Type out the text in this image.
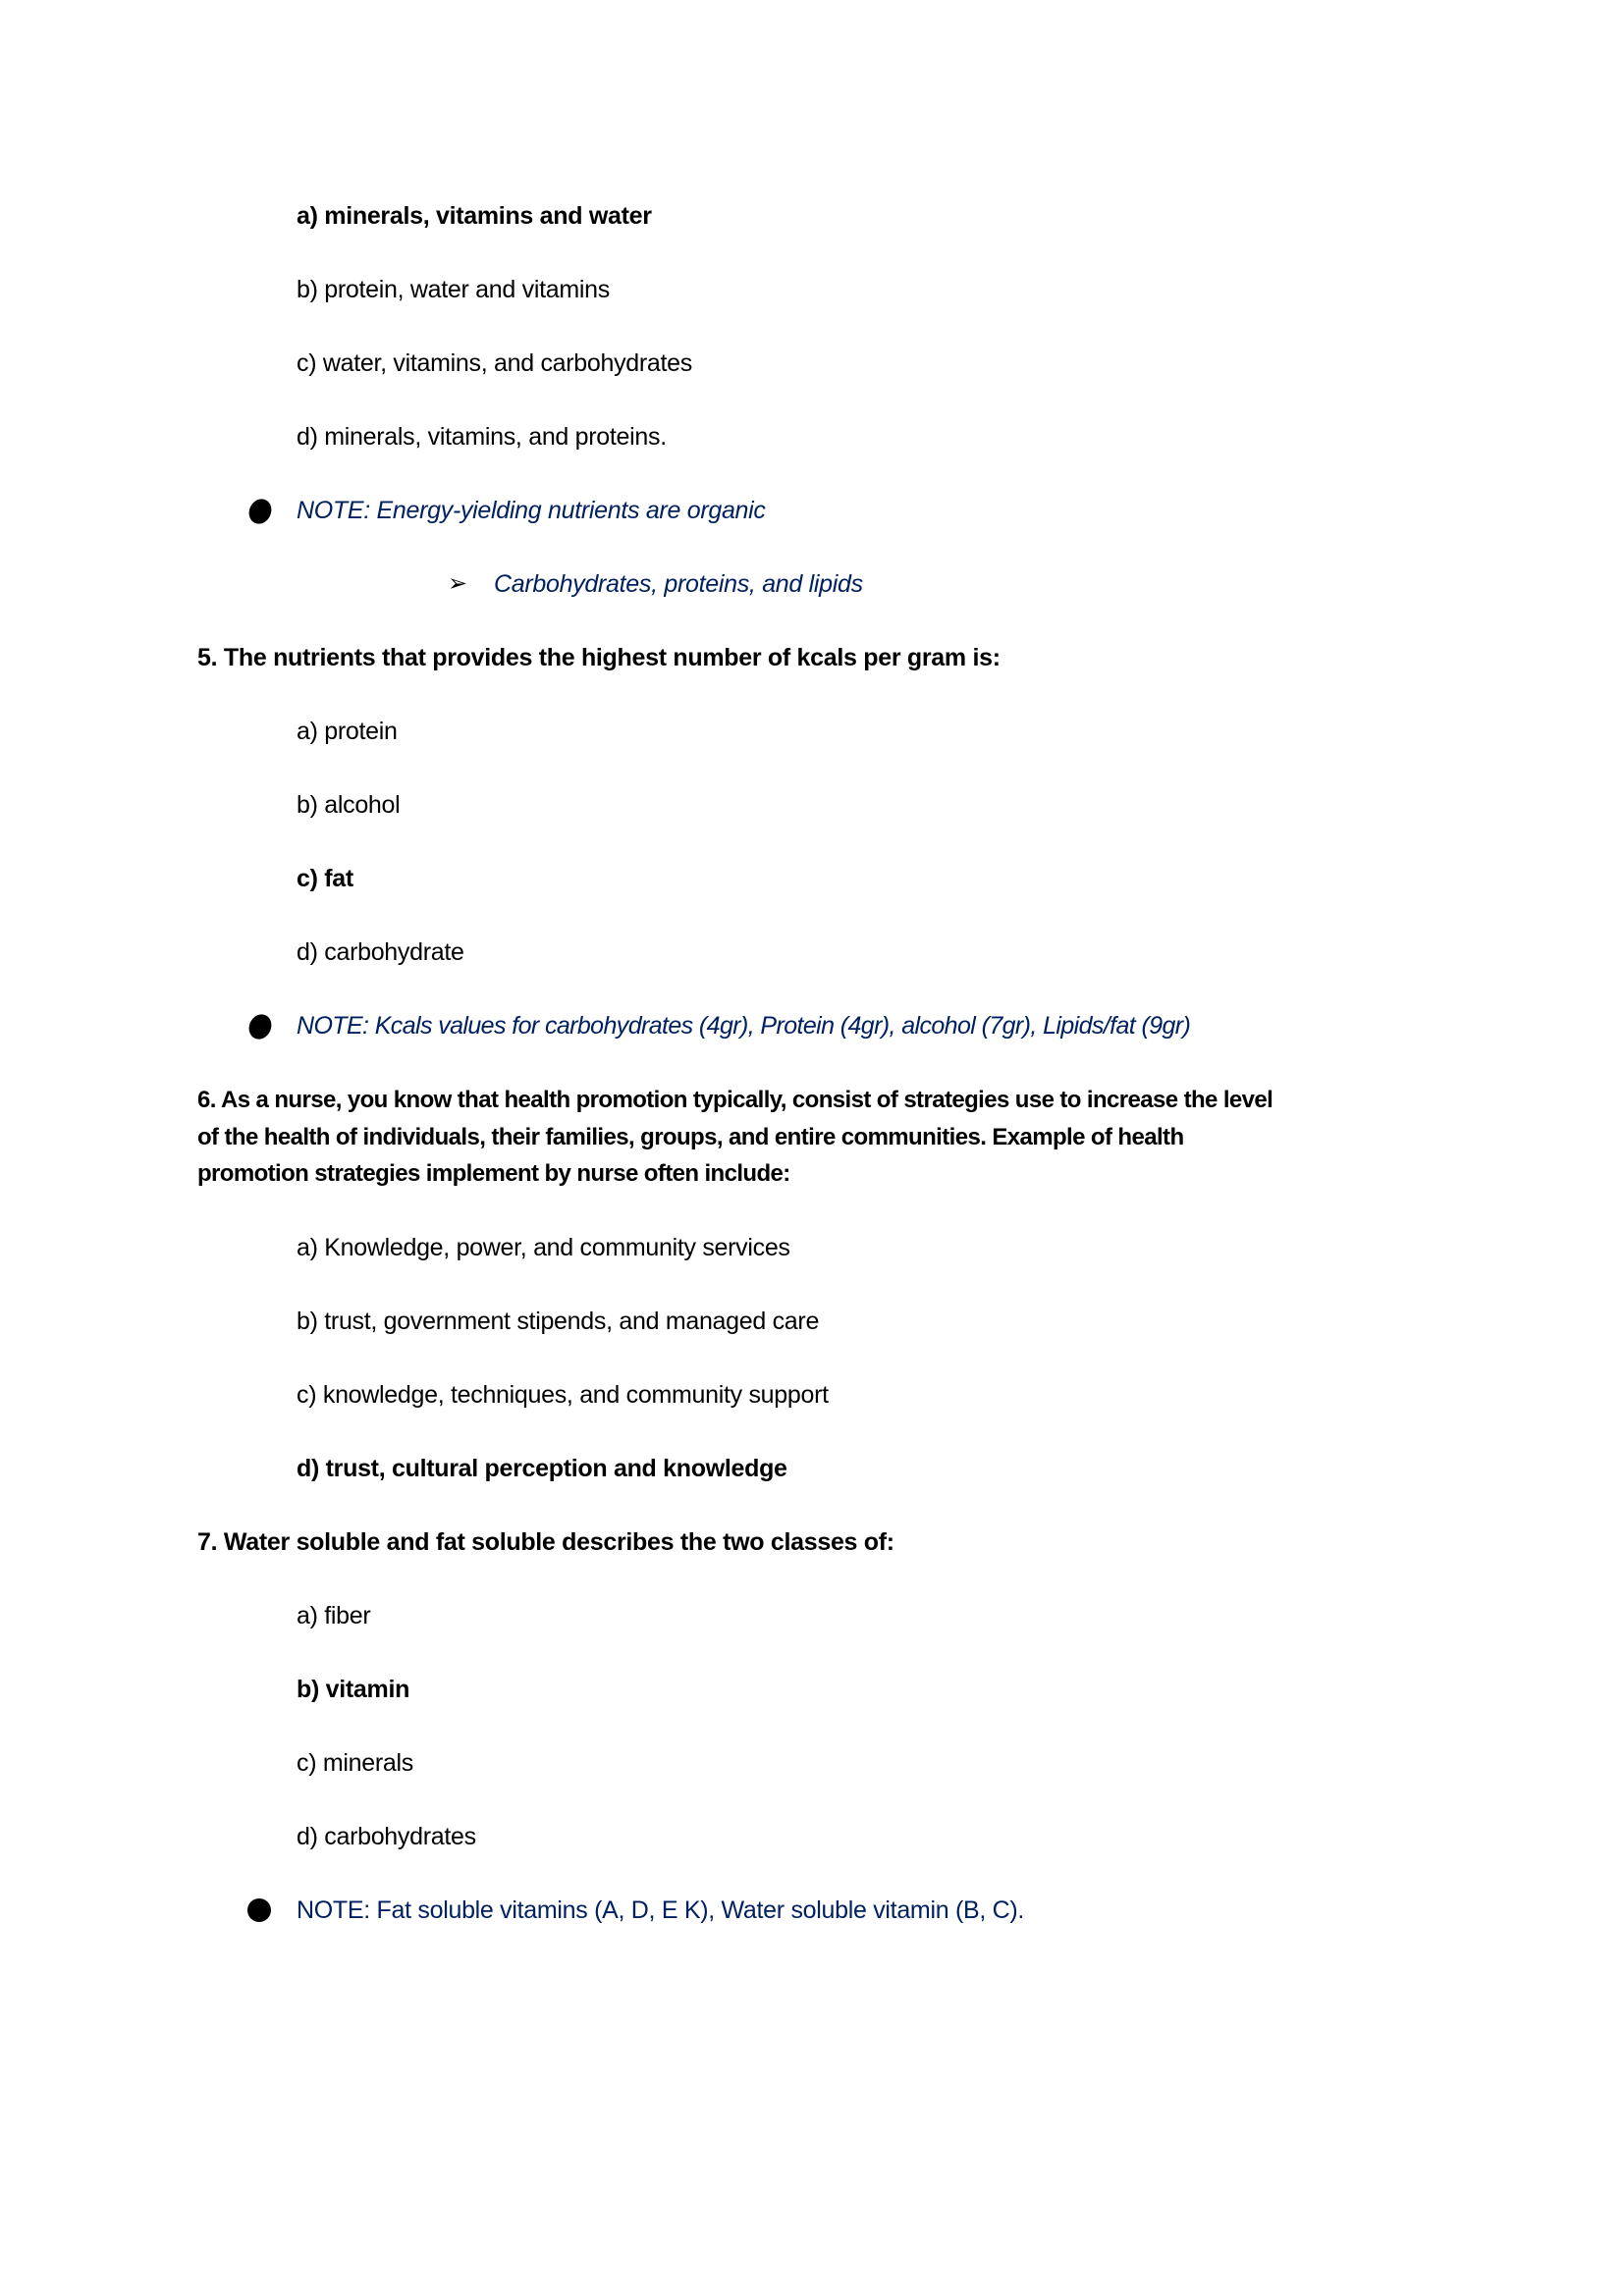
a) minerals, vitamins and water
b) protein, water and vitamins
c) water, vitamins, and carbohydrates
d) minerals, vitamins, and proteins.
NOTE: Energy-yielding nutrients are organic
➢ Carbohydrates, proteins, and lipids
5. The nutrients that provides the highest number of kcals per gram is:
a) protein
b) alcohol
c) fat
d) carbohydrate
NOTE: Kcals values for carbohydrates (4gr), Protein (4gr), alcohol (7gr), Lipids/fat (9gr)
6. As a nurse, you know that health promotion typically, consist of strategies use to increase the level
of the health of individuals, their families, groups, and entire communities. Example of health
promotion strategies implement by nurse often include:
a) Knowledge, power, and community services
b) trust, government stipends, and managed care
c) knowledge, techniques, and community support
d) trust, cultural perception and knowledge
7. Water soluble and fat soluble describes the two classes of:
a) fiber
b) vitamin
c) minerals
d) carbohydrates
NOTE: Fat soluble vitamins (A, D, E K), Water soluble vitamin (B, C).
